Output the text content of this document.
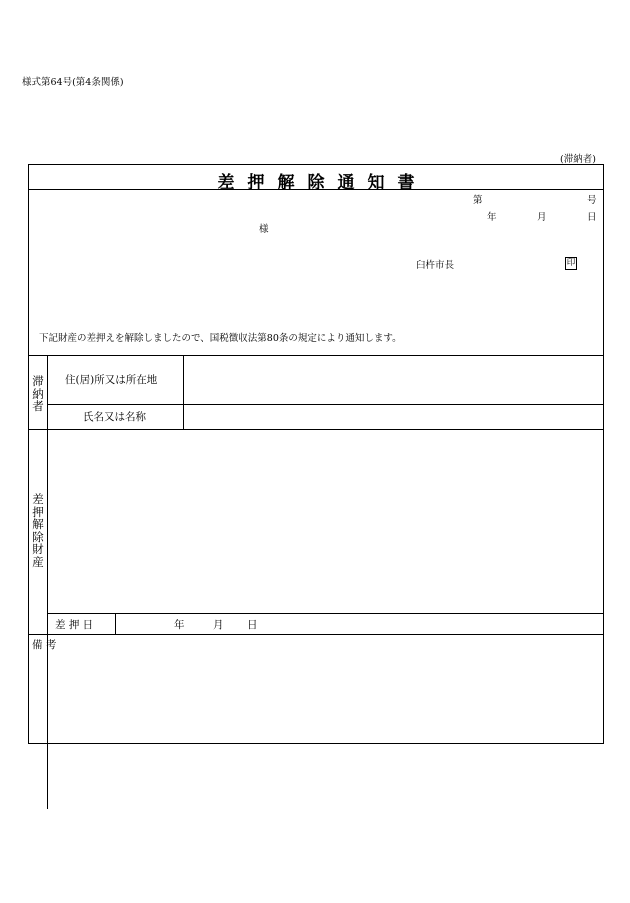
様式第64号(第4条関係)
(滞納者)
差押解除通知書
第	号
年	月	日
様
臼杵市長	印
下記財産の差押えを解除しましたので、国税徴収法第80条の規定により通知します。
滞納者
住(居)所又は所在地
氏名又は名称
差押解除財産
差 押 日	年	月 日
備 考
